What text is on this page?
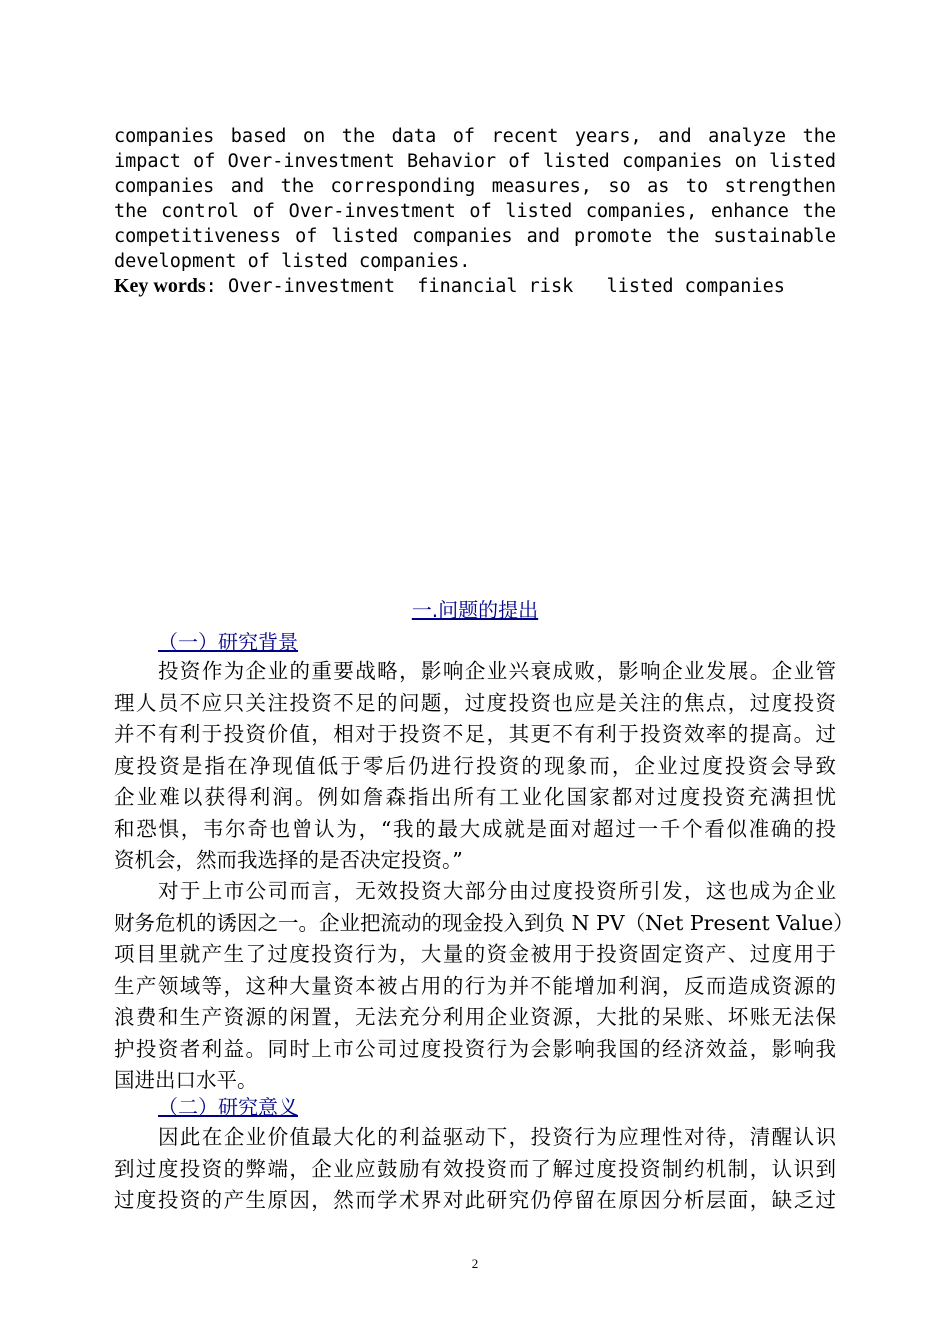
companies based on the data of recent years, and analyze the
impact of Over-investment Behavior of listed companies on listed
companies and the corresponding measures, so as to strengthen
the control of Over-investment of listed companies, enhance the
competitiveness of listed companies and promote the sustainable
development of listed companies.
Key words: Over-investment  financial risk   listed companies
一.问题的提出
（一）研究背景
投资作为企业的重要战略，影响企业兴衰成败，影响企业发展。企业管
理人员不应只关注投资不足的问题，过度投资也应是关注的焦点，过度投资
并不有利于投资价值，相对于投资不足，其更不有利于投资效率的提高。过
度投资是指在净现值低于零后仍进行投资的现象而，企业过度投资会导致
企业难以获得利润。例如詹森指出所有工业化国家都对过度投资充满担忧
和恐惧，韦尔奇也曾认为，“我的最大成就是面对超过一千个看似准确的投
资机会，然而我选择的是否决定投资。”
对于上市公司而言，无效投资大部分由过度投资所引发，这也成为企业
财务危机的诱因之一。企业把流动的现金投入到负 N PV（Net Present Value）
项目里就产生了过度投资行为，大量的资金被用于投资固定资产、过度用于
生产领域等，这种大量资本被占用的行为并不能增加利润，反而造成资源的
浪费和生产资源的闲置，无法充分利用企业资源，大批的呆账、坏账无法保
护投资者利益。同时上市公司过度投资行为会影响我国的经济效益，影响我
国进出口水平。
（二）研究意义
因此在企业价值最大化的利益驱动下，投资行为应理性对待，清醒认识
到过度投资的弊端，企业应鼓励有效投资而了解过度投资制约机制，认识到
过度投资的产生原因，然而学术界对此研究仍停留在原因分析层面，缺乏过
2
